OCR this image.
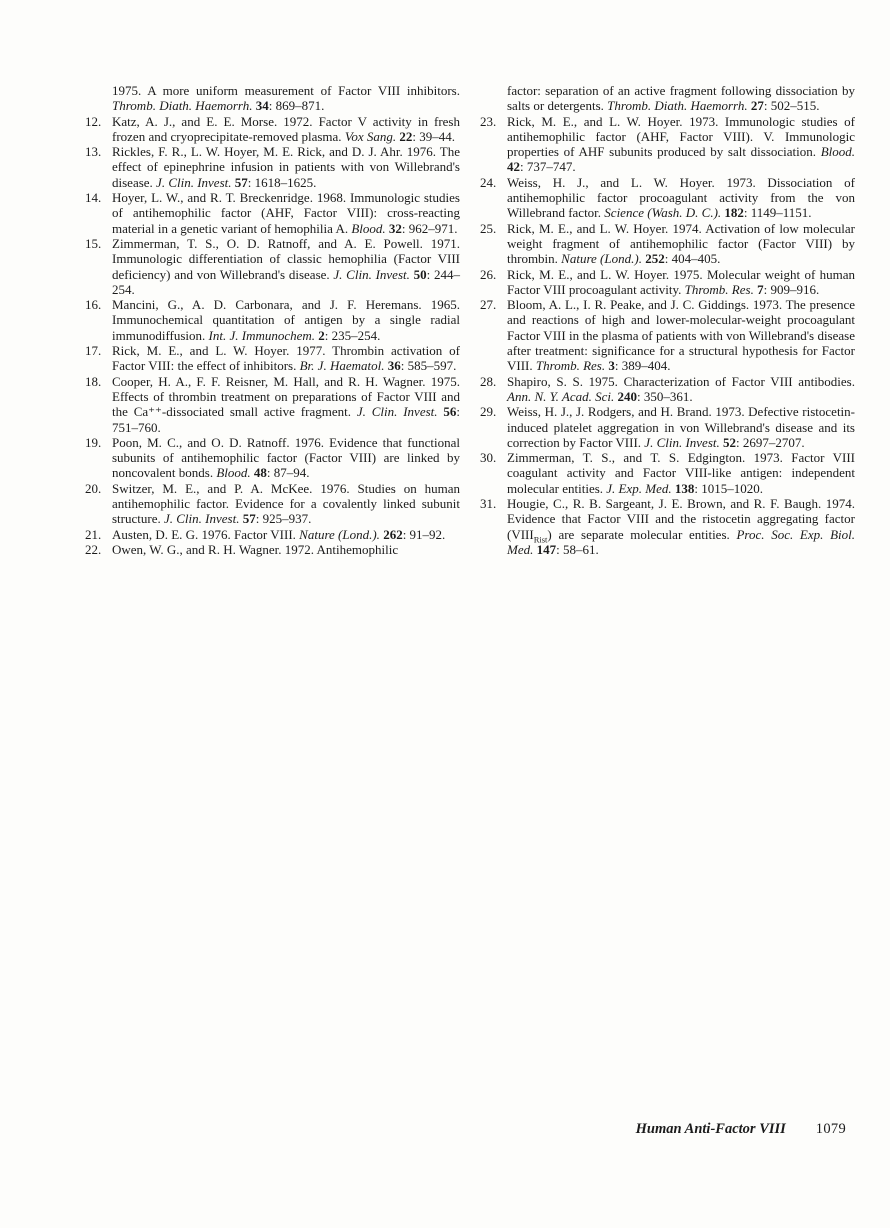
1975. A more uniform measurement of Factor VIII inhibitors. Thromb. Diath. Haemorrh. 34: 869–871.
12. Katz, A. J., and E. E. Morse. 1972. Factor V activity in fresh frozen and cryoprecipitate-removed plasma. Vox Sang. 22: 39–44.
13. Rickles, F. R., L. W. Hoyer, M. E. Rick, and D. J. Ahr. 1976. The effect of epinephrine infusion in patients with von Willebrand's disease. J. Clin. Invest. 57: 1618–1625.
14. Hoyer, L. W., and R. T. Breckenridge. 1968. Immunologic studies of antihemophilic factor (AHF, Factor VIII): cross-reacting material in a genetic variant of hemophilia A. Blood. 32: 962–971.
15. Zimmerman, T. S., O. D. Ratnoff, and A. E. Powell. 1971. Immunologic differentiation of classic hemophilia (Factor VIII deficiency) and von Willebrand's disease. J. Clin. Invest. 50: 244–254.
16. Mancini, G., A. D. Carbonara, and J. F. Heremans. 1965. Immunochemical quantitation of antigen by a single radial immunodiffusion. Int. J. Immunochem. 2: 235–254.
17. Rick, M. E., and L. W. Hoyer. 1977. Thrombin activation of Factor VIII: the effect of inhibitors. Br. J. Haematol. 36: 585–597.
18. Cooper, H. A., F. F. Reisner, M. Hall, and R. H. Wagner. 1975. Effects of thrombin treatment on preparations of Factor VIII and the Ca⁺⁺-dissociated small active fragment. J. Clin. Invest. 56: 751–760.
19. Poon, M. C., and O. D. Ratnoff. 1976. Evidence that functional subunits of antihemophilic factor (Factor VIII) are linked by noncovalent bonds. Blood. 48: 87–94.
20. Switzer, M. E., and P. A. McKee. 1976. Studies on human antihemophilic factor. Evidence for a covalently linked subunit structure. J. Clin. Invest. 57: 925–937.
21. Austen, D. E. G. 1976. Factor VIII. Nature (Lond.). 262: 91–92.
22. Owen, W. G., and R. H. Wagner. 1972. Antihemophilic
factor: separation of an active fragment following dissociation by salts or detergents. Thromb. Diath. Haemorrh. 27: 502–515.
23. Rick, M. E., and L. W. Hoyer. 1973. Immunologic studies of antihemophilic factor (AHF, Factor VIII). V. Immunologic properties of AHF subunits produced by salt dissociation. Blood. 42: 737–747.
24. Weiss, H. J., and L. W. Hoyer. 1973. Dissociation of antihemophilic factor procoagulant activity from the von Willebrand factor. Science (Wash. D. C.). 182: 1149–1151.
25. Rick, M. E., and L. W. Hoyer. 1974. Activation of low molecular weight fragment of antihemophilic factor (Factor VIII) by thrombin. Nature (Lond.). 252: 404–405.
26. Rick, M. E., and L. W. Hoyer. 1975. Molecular weight of human Factor VIII procoagulant activity. Thromb. Res. 7: 909–916.
27. Bloom, A. L., I. R. Peake, and J. C. Giddings. 1973. The presence and reactions of high and lower-molecular-weight procoagulant Factor VIII in the plasma of patients with von Willebrand's disease after treatment: significance for a structural hypothesis for Factor VIII. Thromb. Res. 3: 389–404.
28. Shapiro, S. S. 1975. Characterization of Factor VIII antibodies. Ann. N. Y. Acad. Sci. 240: 350–361.
29. Weiss, H. J., J. Rodgers, and H. Brand. 1973. Defective ristocetin-induced platelet aggregation in von Willebrand's disease and its correction by Factor VIII. J. Clin. Invest. 52: 2697–2707.
30. Zimmerman, T. S., and T. S. Edgington. 1973. Factor VIII coagulant activity and Factor VIII-like antigen: independent molecular entities. J. Exp. Med. 138: 1015–1020.
31. Hougie, C., R. B. Sargeant, J. E. Brown, and R. F. Baugh. 1974. Evidence that Factor VIII and the ristocetin aggregating factor $(VIII_{Rist})$ are separate molecular entities. Proc. Soc. Exp. Biol. Med. 147: 58–61.
Human Anti-Factor VIII 1079
